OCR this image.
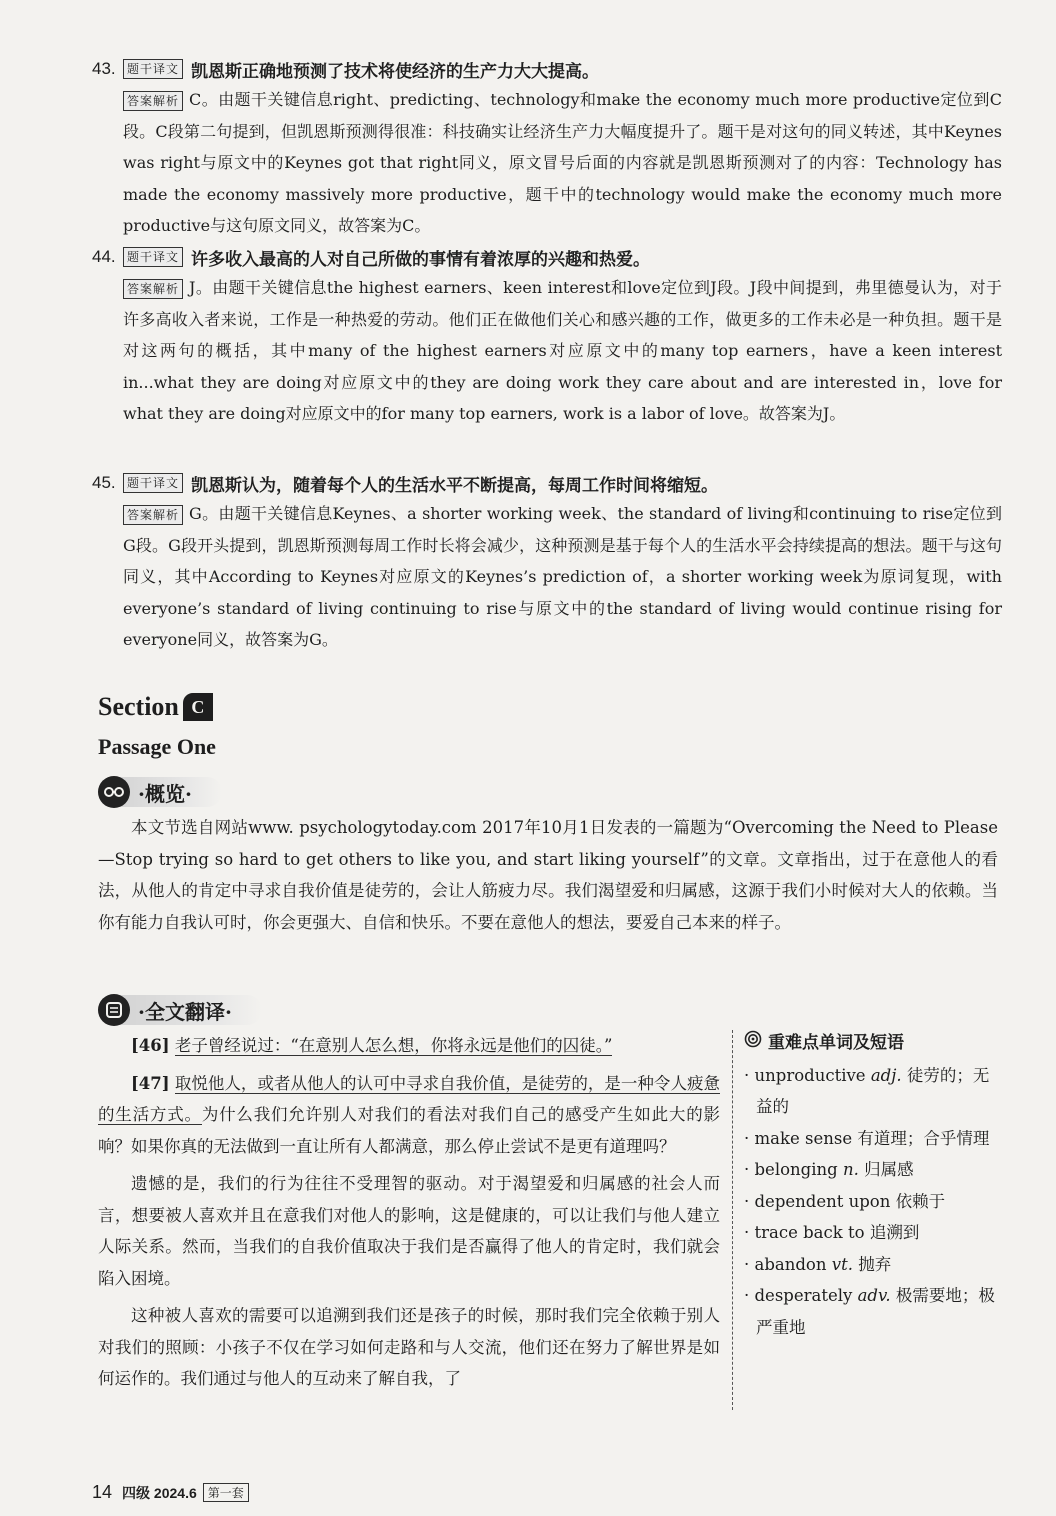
43. 题干译文 凯恩斯正确地预测了技术将使经济的生产力大大提高。
答案解析 C。由题干关键信息right、predicting、technology和make the economy much more productive定位到C段。C段第二句提到，但凯恩斯预测得很准：科技确实让经济生产力大幅度提升了。题干是对这句的同义转述，其中Keynes was right与原文中的Keynes got that right同义，原文冒号后面的内容就是凯恩斯预测对了的内容：Technology has made the economy massively more productive，题干中的technology would make the economy much more productive与这句原文同义，故答案为C。
44. 题干译文 许多收入最高的人对自己所做的事情有着浓厚的兴趣和热爱。
答案解析 J。由题干关键信息the highest earners、keen interest和love定位到J段。J段中间提到，弗里德曼认为，对于许多高收入者来说，工作是一种热爱的劳动。他们正在做他们关心和感兴趣的工作，做更多的工作未必是一种负担。题干是对这两句的概括，其中many of the highest earners对应原文中的many top earners，have a keen interest in...what they are doing对应原文中的they are doing work they care about and are interested in，love for what they are doing对应原文中的for many top earners, work is a labor of love。故答案为J。
45. 题干译文 凯恩斯认为，随着每个人的生活水平不断提高，每周工作时间将缩短。
答案解析 G。由题干关键信息Keynes、a shorter working week、the standard of living和continuing to rise定位到G段。G段开头提到，凯恩斯预测每周工作时长将会减少，这种预测是基于每个人的生活水平会持续提高的想法。题干与这句同义，其中According to Keynes对应原文的Keynes’s prediction of，a shorter working week为原词复现，with everyone’s standard of living continuing to rise与原文中的the standard of living would continue rising for everyone同义，故答案为G。
Section C
Passage One
·概览·

本文节选自网站www. psychologytoday.com 2017年10月1日发表的一篇题为“Overcoming the Need to Please—Stop trying so hard to get others to like you, and start liking yourself”的文章。文章指出，过于在意他人的看法，从他人的肯定中寻求自我价值是徒劳的，会让人筋疲力尽。我们渴望爱和归属感，这源于我们小时候对大人的依赖。当你有能力自我认可时，你会更强大、自信和快乐。不要在意他人的想法，要爱自己本来的样子。

·全文翻译·

[46] 老子曾经说过：“在意别人怎么想，你将永远是他们的囚徒。”

[47] 取悦他人，或者从他人的认可中寻求自我价值，是徒劳的，是一种令人疲惫的生活方式。为什么我们允许别人对我们的看法对我们自己的感受产生如此大的影响？如果你真的无法做到一直让所有人都满意，那么停止尝试不是更有道理吗？

遗憾的是，我们的行为往往不受理智的驱动。对于渴望爱和归属感的社会人而言，想要被人喜欢并且在意我们对他人的影响，这是健康的，可以让我们与他人建立人际关系。然而，当我们的自我价值取决于我们是否赢得了他人的肯定时，我们就会陷入困境。

这种被人喜欢的需要可以追溯到我们还是孩子的时候，那时我们完全依赖于别人对我们的照顾：小孩子不仅在学习如何走路和与人交流，他们还在努力了解世界是如何运作的。我们通过与他人的互动来了解自我，了

重难点单词及短语
· unproductive adj. 徒劳的；无益的
· make sense 有道理；合乎情理
· belonging n. 归属感
· dependent upon 依赖于
· trace back to 追溯到
· abandon vt. 抛弃
· desperately adv. 极需要地；极严重地
14 四级 2024.6 第一套
